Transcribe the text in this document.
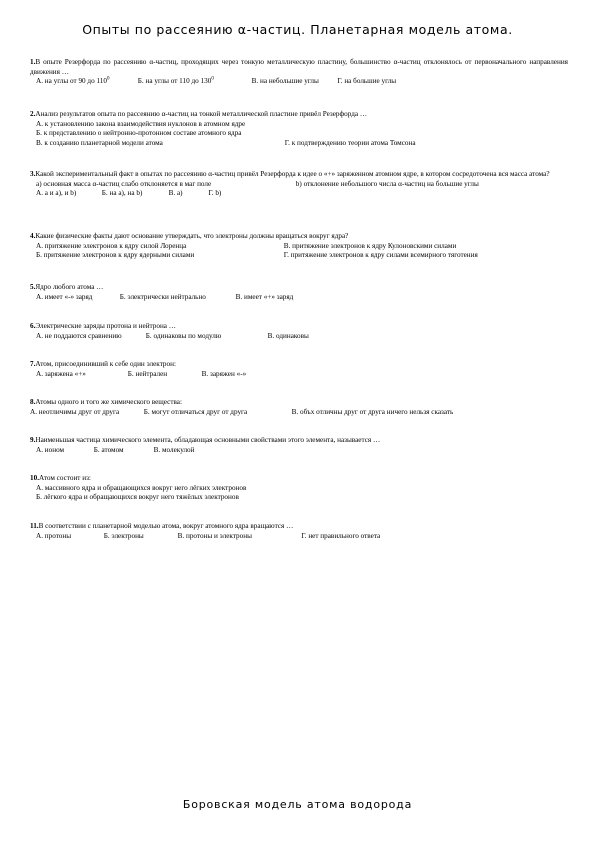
Опыты по рассеянию α-частиц. Планетарная модель атома.
1.В опыте Резерфорда по рассеянию α-частиц, проходящих через тонкую металлическую пластину, большинство α-частиц отклонялось от первоначального направления движения …
А. на углы от 90 до $110^0$	Б. на углы от 110 до $130^0$	В. на небольшие углы	Г. на большие углы
2.Анализ результатов опыта по рассеянию α-частиц на тонкой металлической пластине привёл Резерфорда …
А. к установлению закона взаимодействия нуклонов в атомном ядре
Б. к представлению о нейтронно-протонном составе атомного ядра
В. к созданию планетарной модели атома	Г. к подтверждению теории атома Томсона
3.Какой экспериментальный факт в опытах по рассеянию α-частиц привёл Резерфорда к идее о «+» заряженном атомном ядре, в котором сосредоточена вся масса атома?
а) основная масса α-частиц слабо отклоняется в маг поле	b) отклонение небольшого числа α-частиц на большие углы
А. а и а), и b)	Б. на а), на b)	В. а)	Г. b)
4.Какие физические факты дают основание утверждать, что электроны должны вращаться вокруг ядра?
А. притяжение электронов к ядру силой Лоренца	В. притяжение электронов к ядру Кулоновскими силами
Б. притяжение электронов к ядру ядерными силами	Г. притяжение электронов к ядру силами всемирного тяготения
5.Ядро любого атома …
А. имеет «-» заряд	Б. электрически нейтрально	В. имеет «+» заряд
6.Электрические заряды протона и нейтрона …
А. не поддаются сравнению	Б. одинаковы по модулю	В. одинаковы
7.Атом, присоединивший к себе один электрон:
А. заряжена «+»	Б. нейтрален	В. заряжен «-»
8.Атомы одного и того же химического вещества:
А. неотличимы друг от друга	Б. могут отличаться друг от друга	В. объх отличны друг от друга ничего нельзя сказать
9.Наименьшая частица химического элемента, обладающая основными свойствами этого элемента, называется …
А. ионом	Б. атомом	В. молекулой
10.Атом состоит из:
А. массивного ядра и обращающихся вокруг него лёгких электронов
Б. лёгкого ядра и обращающихся вокруг него тяжёлых электронов
11.В соответствии с планетарной моделью атома, вокруг атомного ядра вращаются …
А. протоны	Б. электроны	В. протоны и электроны	Г. нет правильного ответа
Боровская модель атома водорода
